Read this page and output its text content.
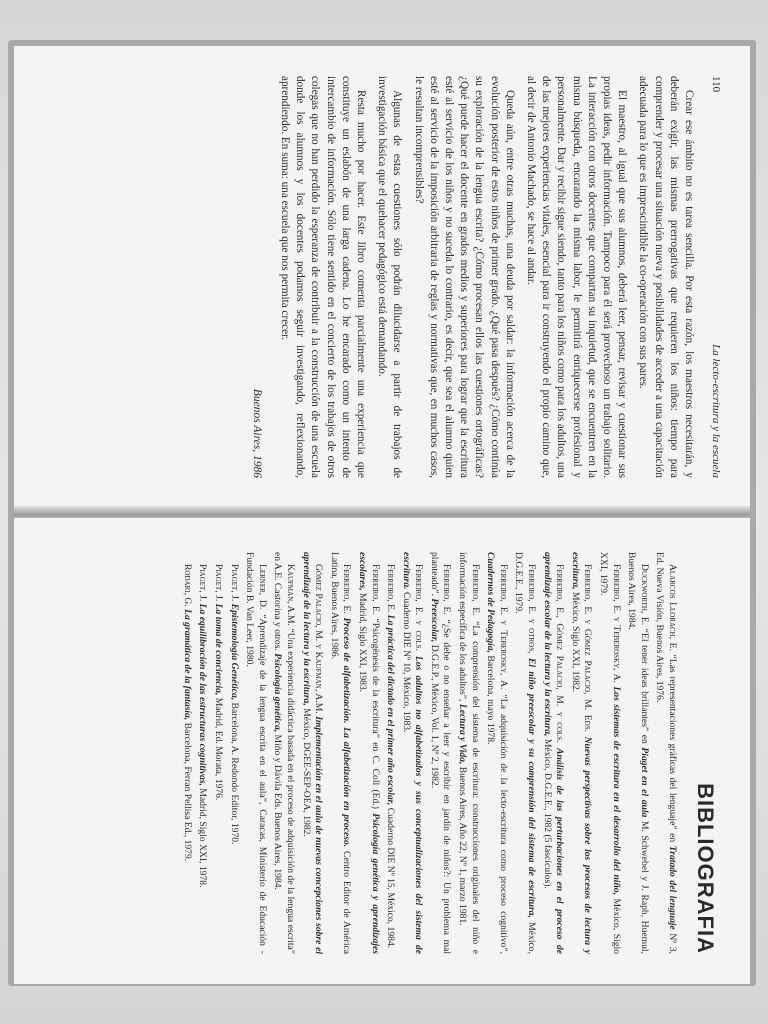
110
La lecto-escritura y la escuela

Crear ese ámbito no es tarea sencilla. Por esta razón, los maestros necesitarán, y deberán exigir, las mismas prerrogativas que requieren los niños: tiempo para comprender y procesar una situación nueva y posibilidades de acceder a una capacitación adecuada para lo que es imprescindible la co-operación con sus pares.

El maestro, al igual que sus alumnos, deberá leer, pensar, revisar y cuestionar sus propias ideas, pedir información. Tampoco para él será provechoso un trabajo solitario. La interacción con otros docentes que compartan su inquietud, que se encuentren en la misma búsqueda, encarando la misma labor, le permitirá enriquecerse profesional y personalmente. Dar y recibir sigue siendo, tanto para los niños como para los adultos, una de las mejores experiencias vitales, esencial para ir construyendo el propio camino que, al decir de Antonio Machado, se hace al andar.

Queda aún, entre otras muchas, una deuda por saldar: la información acerca de la evolución posterior de estos niños de primer grado. ¿Qué pasa después? ¿Cómo continúa su exploración de la lengua escrita? ¿Cómo procesan ellos las cuestiones ortográficas? ¿Qué puede hacer el docente en grados medios y superiores para lograr que la escritura esté al servicio de los niños y no suceda lo contrario, es decir, que sea el alumno quien esté al servicio de la imposición arbitraria de reglas y normativas que, en muchos casos, le resultan incomprensibles?

Algunas de estas cuestiones sólo podrán dilucidarse a partir de trabajos de investigación básica que el quehacer pedagógico está demandando.

Resta mucho por hacer. Este libro comenta parcialmente una experiencia que constituye un eslabón de una larga cadena. Lo he encarado como un intento de intercambio de información. Sólo tiene sentido en el concierto de los trabajos de otros colegas que no han perdido la esperanza de contribuir a la construcción de una escuela donde los alumnos y los docentes podamos seguir investigando, reflexionando, aprendiendo. En suma: una escuela que nos permita crecer.

Buenos Aires, 1986
BIBLIOGRAFIA

Alarcos Llorach, E. “Las representaciones gráficas del lenguaje” en Tratado del lenguaje Nº 3, Ed. Nueva Visión, Buenos Aires, 1976.

Duckworth, E. “El tener ideas brillantes” en Piaget en el aula M. Schwebel y J. Raph, Huemul, Buenos Aires, 1984.

Ferreiro, E. y Teberosky, A. Los sistemas de escritura en el desarrollo del niño, México, Siglo XXI, 1979.

Ferreiro, E. y Gómez Palacio, M. Eds. Nuevas perspectivas sobre los procesos de lectura y escritura, México, Siglo XXI, 1982.

Ferreiro, E., Gómez Palacio, M. y cols. Análisis de las perturbaciones en el proceso de aprendizaje escolar de la lectura y la escritura, México, D.G.E.E., 1982 (5 fascículos).

Ferreiro, E. y otros, El niño preescolar y su comprensión del sistema de escritura, México, D.G.E.E., 1979.

Ferreiro, E. y Teberosky, A. “La adquisición de la lecto-escritura como proceso cognitivo”, Cuadernos de Pedagogía, Barcelona, mayo 1978.

Ferreiro, E. “La comprensión del sistema de escritura: construcciones originales del niño e información específica de los adultos”, Lectura y Vida, Buenos Aires, Año 22, Nº 1, marzo 1981.

Ferreiro, E. “¿Se debe o no enseñar a leer y escribir en jardín de niños?: Un problema mal planteado”. Preescolar, D.G.E.P., México, Vol. 1, Nº 2, 1982.

Ferreiro, E. y cols. Los adultos no alfabetizados y sus conceptualizaciones del sistema de escritura. Cuaderno DIE Nº 10, México, 1983.

Ferreiro, E. La práctica del dictado en el primer año escolar, Cuaderno DIE Nº 15, México, 1984.

Ferreiro, E. “Psicogénesis de la escritura” en C. Coll (Ed.) Psicología genética y aprendizajes escolares, Madrid, Siglo XXI, 1983.

Ferreiro, E. Proceso de alfabetización. La alfabetización en proceso. Centro Editor de América Latina, Buenos Aires, 1986.

Gómez Palacio, M. y Kaufman, A.M. Implementación en el aula de nuevas concepciones sobre el aprendizaje de la lectura y la escritura, México, DGEE-SEP-OEA, 1982.

Kaufman, A.M. “Una experiencia didáctica basada en el proceso de adquisición de la lengua escrita” en A.E. Castorina y otros. Psicología genética, Miño y Dávila Eds. Buenos Aires, 1984.

Lerner, D. “Aprendizaje de la lengua escrita en el aula”, Caracas, Ministerio de Educación - Fundación B. Van Leer, 1980.

Piaget, J. Epistemología Genética, Barcelona, A. Redondo Editor, 1970.

Piaget, J. La toma de conciencia, Madrid, Ed. Morata, 1976.

Piaget, J. La equilibración de las estructuras cognitivas, Madrid, Siglo XXI, 1978.

Rodari, G. La gramática de la fantasía, Barcelona, Ferran Pellisa Ed., 1979.
